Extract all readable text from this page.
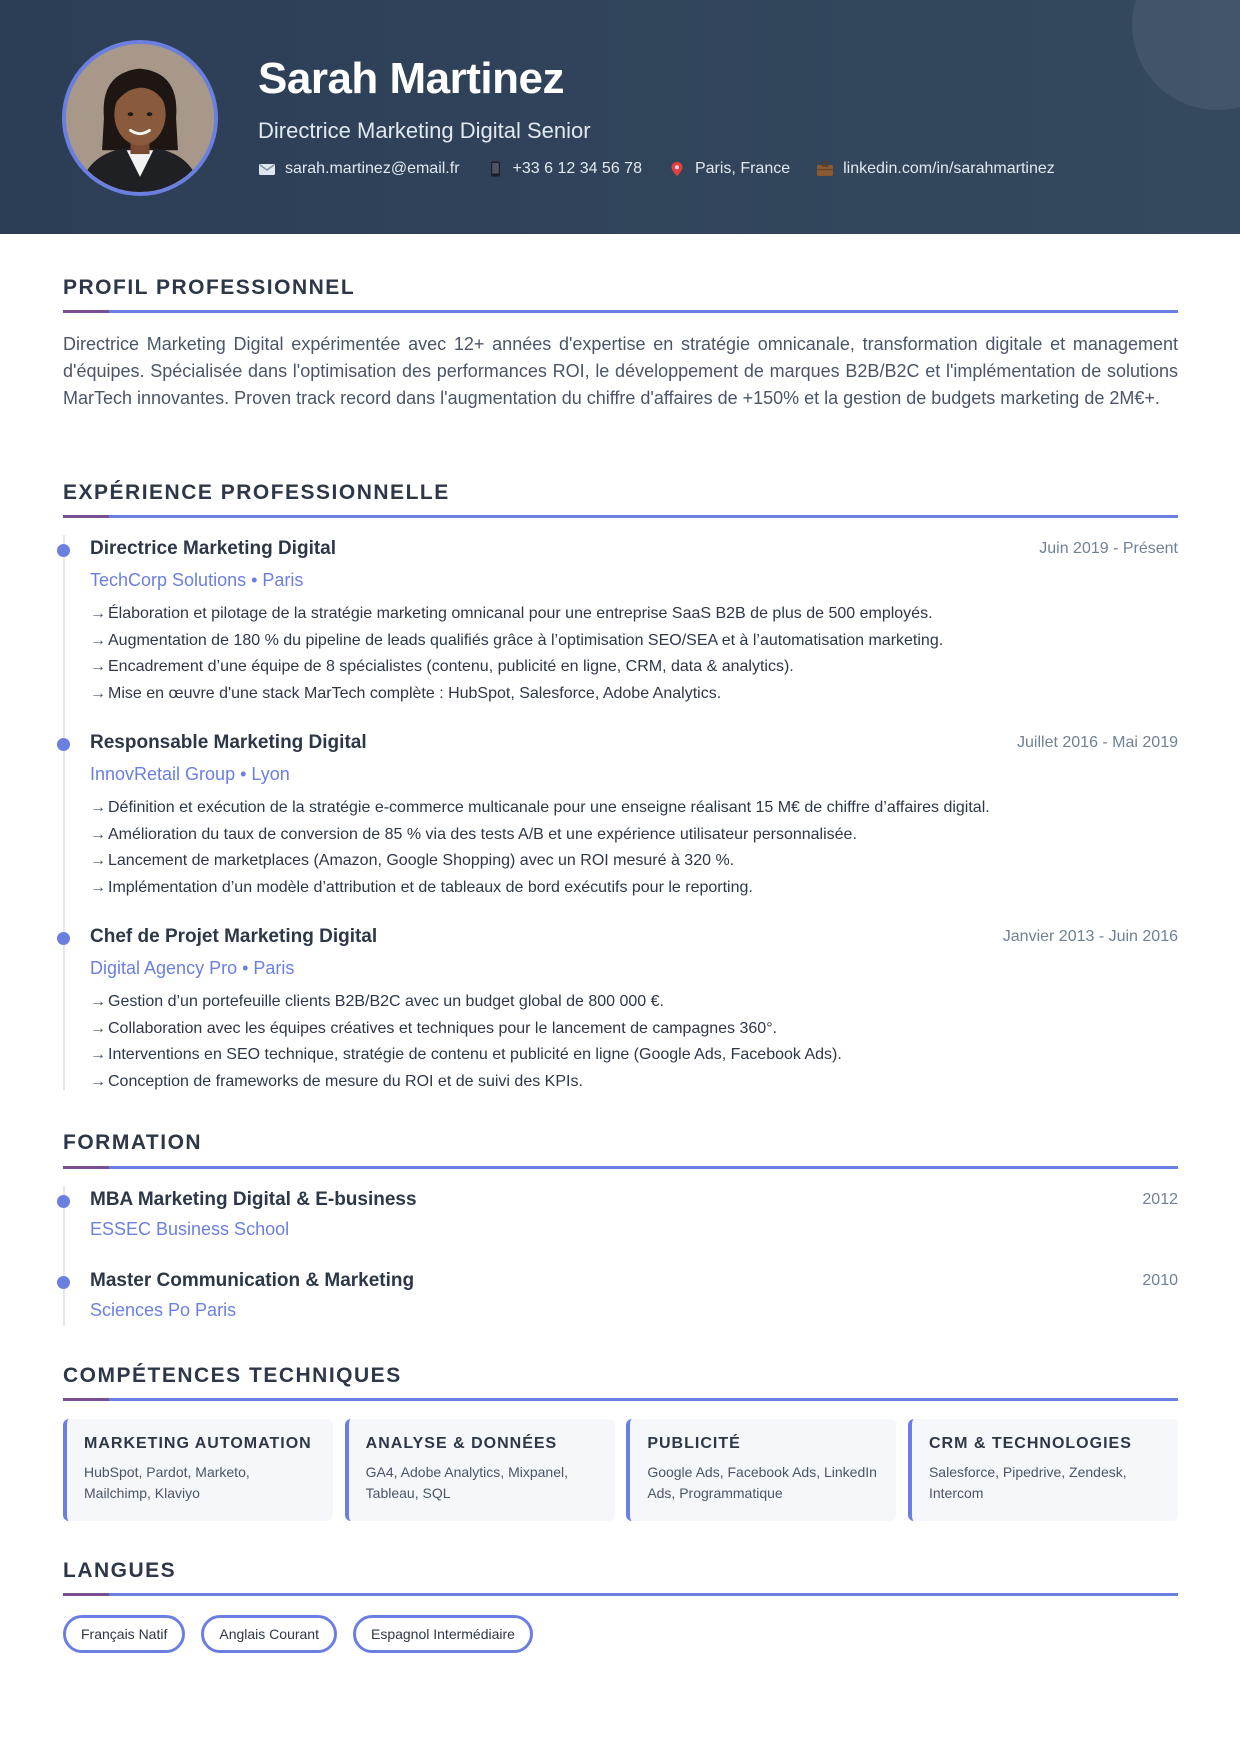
Sarah Martinez
Directrice Marketing Digital Senior
sarah.martinez@email.fr	+33 6 12 34 56 78	Paris, France	linkedin.com/in/sarahmartinez
PROFIL PROFESSIONNEL
Directrice Marketing Digital expérimentée avec 12+ années d'expertise en stratégie omnicanale, transformation digitale et management d'équipes. Spécialisée dans l'optimisation des performances ROI, le développement de marques B2B/B2C et l'implémentation de solutions MarTech innovantes. Proven track record dans l'augmentation du chiffre d'affaires de +150% et la gestion de budgets marketing de 2M€+.
EXPÉRIENCE PROFESSIONNELLE
Directrice Marketing Digital	Juin 2019 - Présent
TechCorp Solutions • Paris
→ Élaboration et pilotage de la stratégie marketing omnicanal pour une entreprise SaaS B2B de plus de 500 employés.
→ Augmentation de 180 % du pipeline de leads qualifiés grâce à l’optimisation SEO/SEA et à l’automatisation marketing.
→ Encadrement d’une équipe de 8 spécialistes (contenu, publicité en ligne, CRM, data & analytics).
→ Mise en œuvre d'une stack MarTech complète : HubSpot, Salesforce, Adobe Analytics.
Responsable Marketing Digital	Juillet 2016 - Mai 2019
InnovRetail Group • Lyon
→ Définition et exécution de la stratégie e-commerce multicanale pour une enseigne réalisant 15 M€ de chiffre d’affaires digital.
→ Amélioration du taux de conversion de 85 % via des tests A/B et une expérience utilisateur personnalisée.
→ Lancement de marketplaces (Amazon, Google Shopping) avec un ROI mesuré à 320 %.
→ Implémentation d’un modèle d’attribution et de tableaux de bord exécutifs pour le reporting.
Chef de Projet Marketing Digital	Janvier 2013 - Juin 2016
Digital Agency Pro • Paris
→ Gestion d’un portefeuille clients B2B/B2C avec un budget global de 800 000 €.
→ Collaboration avec les équipes créatives et techniques pour le lancement de campagnes 360°.
→ Interventions en SEO technique, stratégie de contenu et publicité en ligne (Google Ads, Facebook Ads).
→ Conception de frameworks de mesure du ROI et de suivi des KPIs.
FORMATION
MBA Marketing Digital & E-business	2012
ESSEC Business School
Master Communication & Marketing	2010
Sciences Po Paris
COMPÉTENCES TECHNIQUES
MARKETING AUTOMATION
HubSpot, Pardot, Marketo, Mailchimp, Klaviyo
ANALYSE & DONNÉES
GA4, Adobe Analytics, Mixpanel, Tableau, SQL
PUBLICITÉ
Google Ads, Facebook Ads, LinkedIn Ads, Programmatique
CRM & TECHNOLOGIES
Salesforce, Pipedrive, Zendesk, Intercom
LANGUES
Français Natif	Anglais Courant	Espagnol Intermédiaire
